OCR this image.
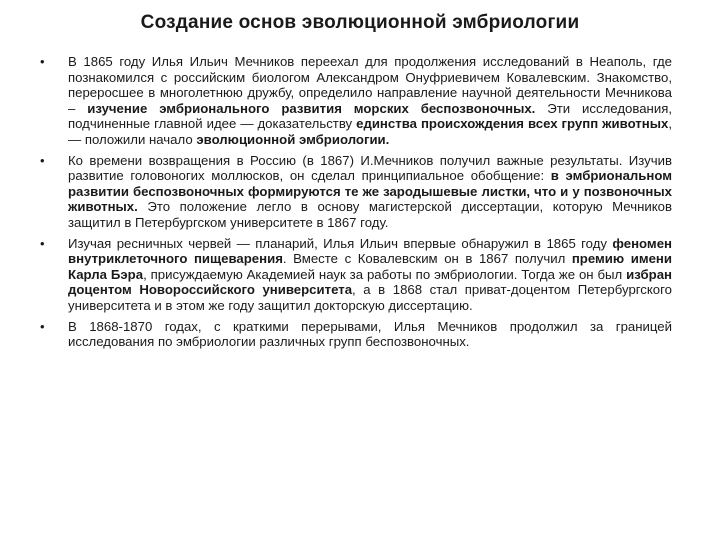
Создание основ эволюционной эмбриологии
• В 1865 году Илья Ильич Мечников переехал для продолжения исследований в Неаполь, где познакомился с российским биологом Александром Онуфриевичем Ковалевским. Знакомство, переросшее в многолетнюю дружбу, определило направление научной деятельности Мечникова – изучение эмбрионального развития морских беспозвоночных. Эти исследования, подчиненные главной идее — доказательству единства происхождения всех групп животных, — положили начало эволюционной эмбриологии.
• Ко времени возвращения в Россию (в 1867) И.Мечников получил важные результаты. Изучив развитие головоногих моллюсков, он сделал принципиальное обобщение: в эмбриональном развитии беспозвоночных формируются те же зародышевые листки, что и у позвоночных животных. Это положение легло в основу магистерской диссертации, которую Мечников защитил в Петербургском университете в 1867 году.
• Изучая ресничных червей — планарий, Илья Ильич впервые обнаружил в 1865 году феномен внутриклеточного пищеварения. Вместе с Ковалевским он в 1867 получил премию имени Карла Бэра, присуждаемую Академией наук за работы по эмбриологии. Тогда же он был избран доцентом Новороссийского университета, а в 1868 стал приват-доцентом Петербургского университета и в этом же году защитил докторскую диссертацию.
• В 1868-1870 годах, с краткими перерывами, Илья Мечников продолжил за границей исследования по эмбриологии различных групп беспозвоночных.
